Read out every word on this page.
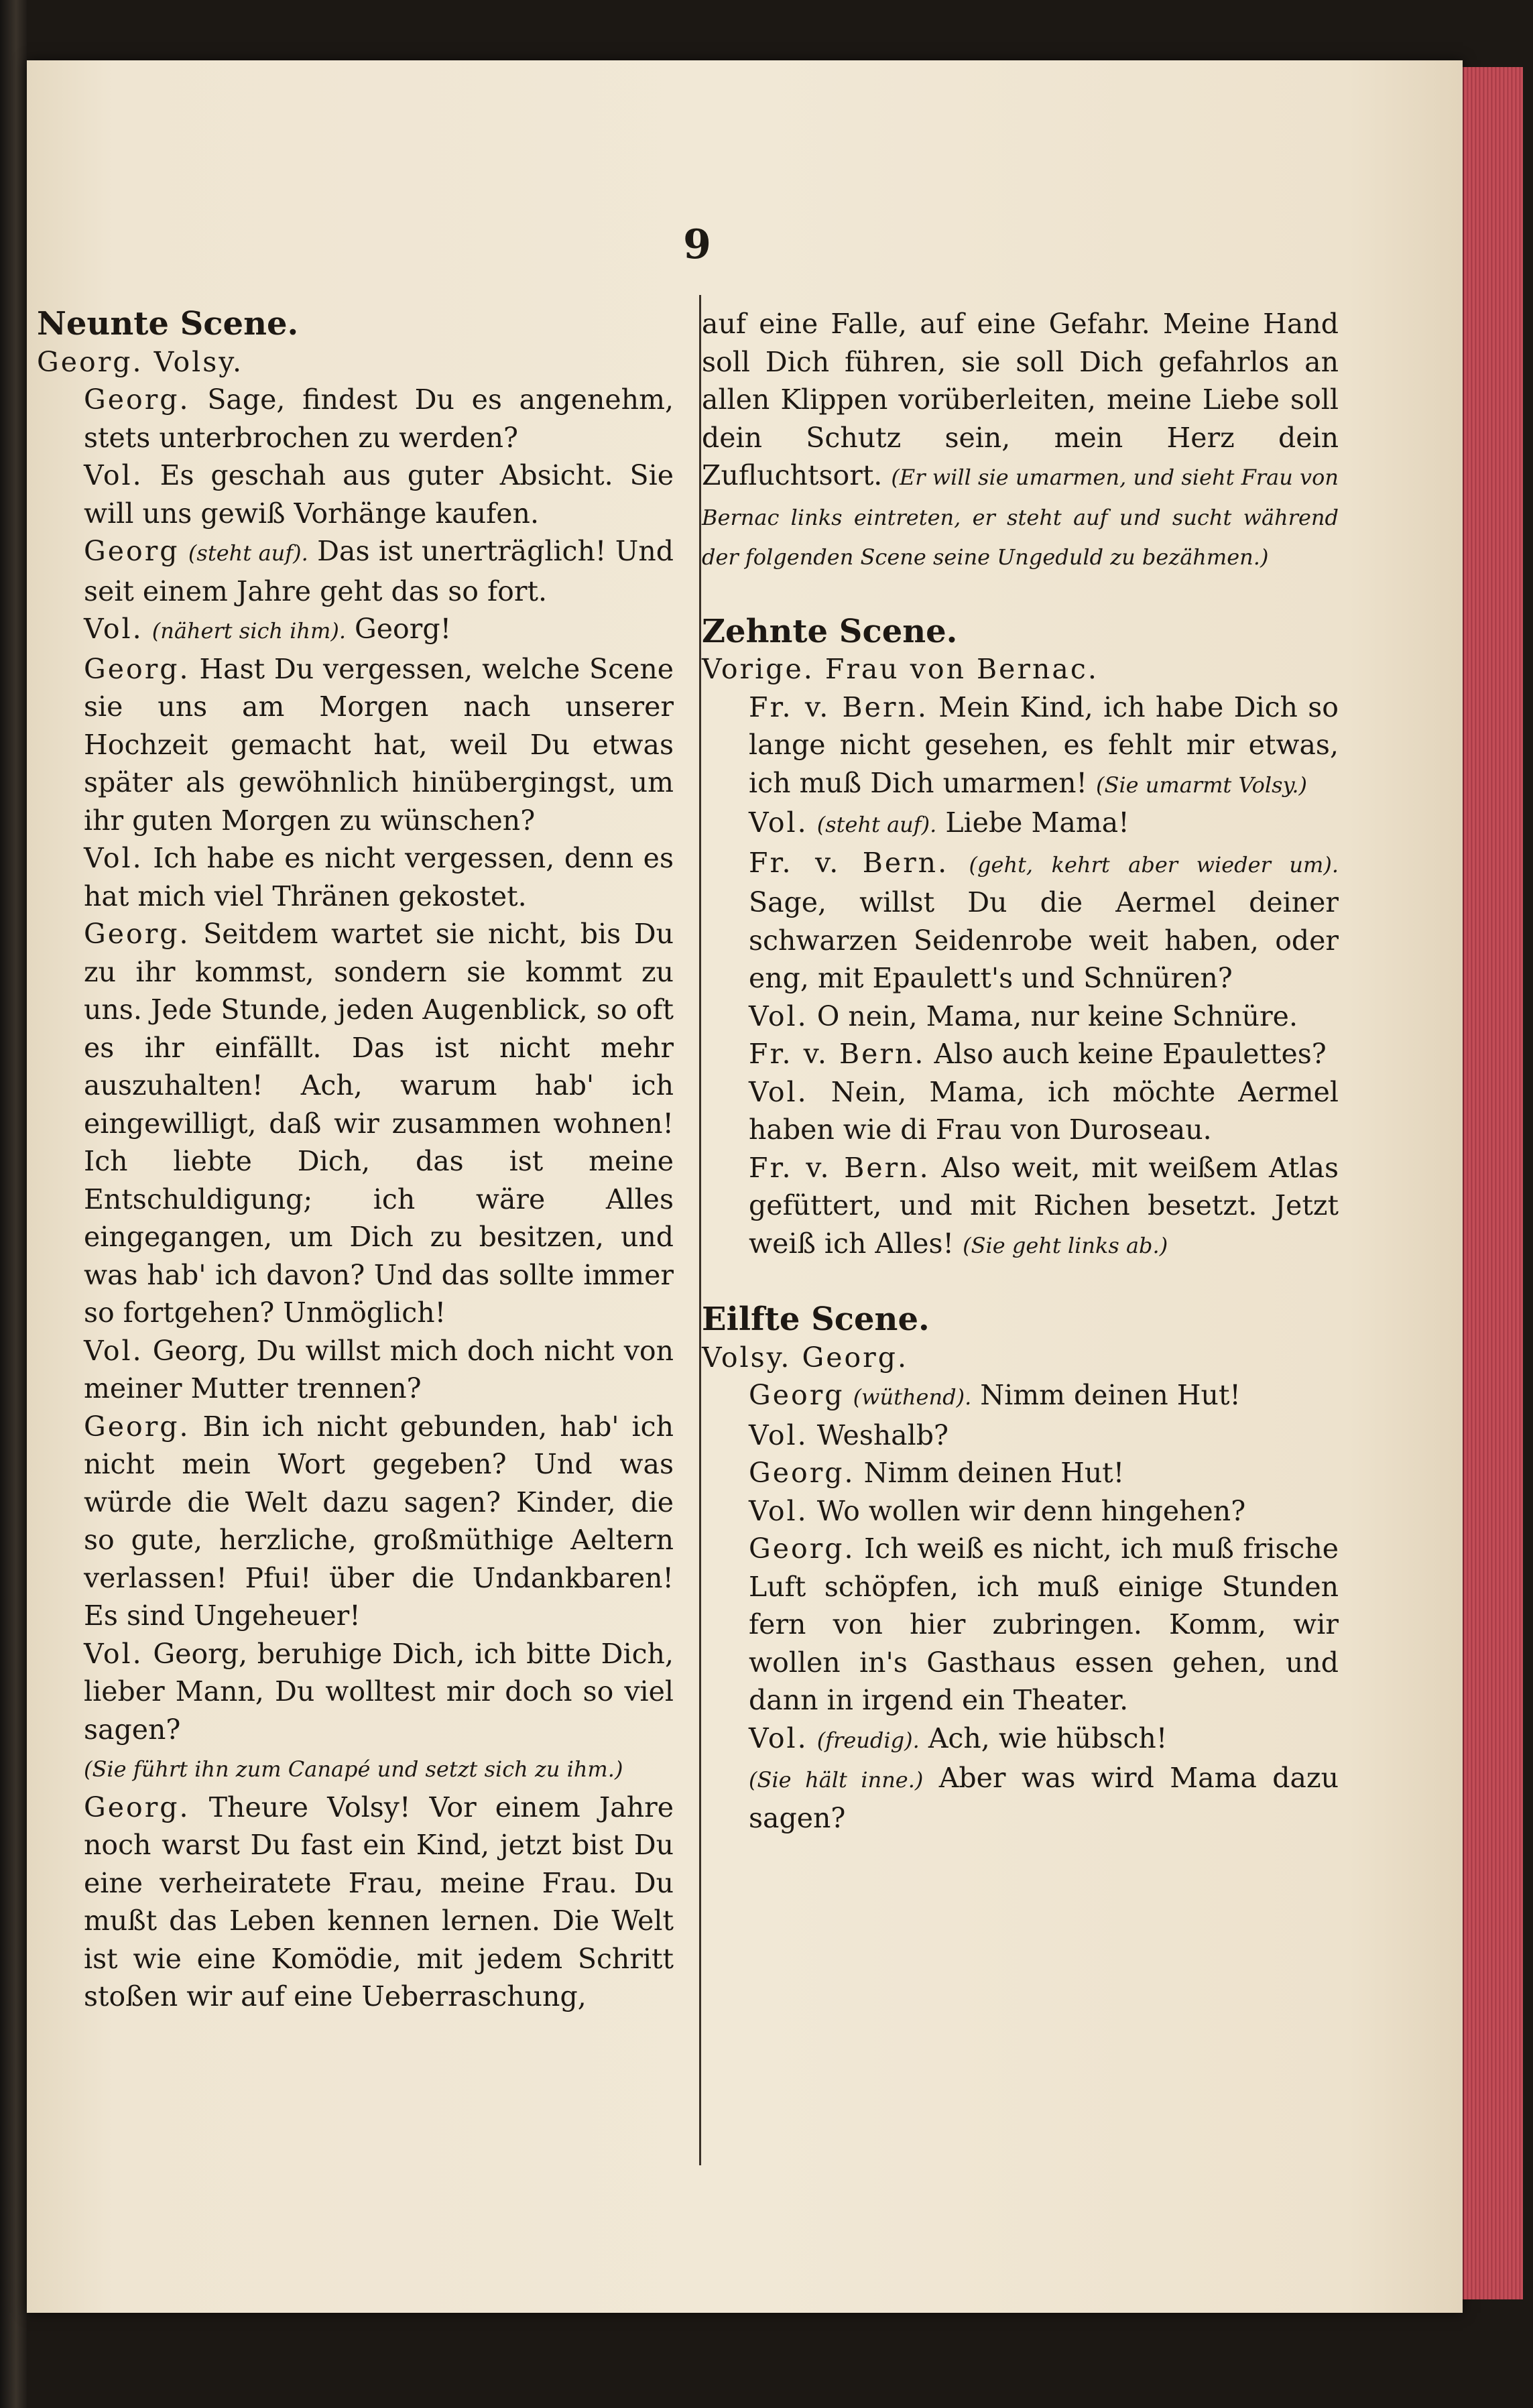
9

Neunte Scene.

Georg. Volsy.

Georg. Sage, findest Du es angenehm, stets unterbrochen zu werden?

Vol. Es geschah aus guter Absicht. Sie will uns gewiß Vorhänge kaufen.

Georg (steht auf). Das ist unerträglich! Und seit einem Jahre geht das so fort.

Vol. (nähert sich ihm). Georg!

Georg. Hast Du vergessen, welche Scene sie uns am Morgen nach unserer Hochzeit gemacht hat, weil Du etwas später als gewöhnlich hinübergingst, um ihr guten Morgen zu wünschen?

Vol. Ich habe es nicht vergessen, denn es hat mich viel Thränen gekostet.

Georg. Seitdem wartet sie nicht, bis Du zu ihr kommst, sondern sie kommt zu uns. Jede Stunde, jeden Augenblick, so oft es ihr einfällt. Das ist nicht mehr auszuhalten! Ach, warum hab' ich eingewilligt, daß wir zusammen wohnen! Ich liebte Dich, das ist meine Entschuldigung; ich wäre Alles eingegangen, um Dich zu besitzen, und was hab' ich davon? Und das sollte immer so fortgehen? Unmöglich!

Vol. Georg, Du willst mich doch nicht von meiner Mutter trennen?

Georg. Bin ich nicht gebunden, hab' ich nicht mein Wort gegeben? Und was würde die Welt dazu sagen? Kinder, die so gute, herzliche, großmüthige Aeltern verlassen! Pfui! über die Undankbaren! Es sind Ungeheuer!

Vol. Georg, beruhige Dich, ich bitte Dich, lieber Mann, Du wolltest mir doch so viel sagen?

(Sie führt ihn zum Canapé und setzt sich zu ihm.)

Georg. Theure Volsy! Vor einem Jahre noch warst Du fast ein Kind, jetzt bist Du eine verheiratete Frau, meine Frau. Du mußt das Leben kennen lernen. Die Welt ist wie eine Komödie, mit jedem Schritt stoßen wir auf eine Ueberraschung,

auf eine Falle, auf eine Gefahr. Meine Hand soll Dich führen, sie soll Dich gefahrlos an allen Klippen vorüberleiten, meine Liebe soll dein Schutz sein, mein Herz dein Zufluchtsort. (Er will sie umarmen, und sieht Frau von Bernac links eintreten, er steht auf und sucht während der folgenden Scene seine Ungeduld zu bezähmen.)

Zehnte Scene.

Vorige. Frau von Bernac.

Fr. v. Bern. Mein Kind, ich habe Dich so lange nicht gesehen, es fehlt mir etwas, ich muß Dich umarmen! (Sie umarmt Volsy.)

Vol. (steht auf). Liebe Mama!

Fr. v. Bern. (geht, kehrt aber wieder um). Sage, willst Du die Aermel deiner schwarzen Seidenrobe weit haben, oder eng, mit Epaulett's und Schnüren?

Vol. O nein, Mama, nur keine Schnüre.

Fr. v. Bern. Also auch keine Epaulettes?

Vol. Nein, Mama, ich möchte Aermel haben wie di Frau von Duroseau.

Fr. v. Bern. Also weit, mit weißem Atlas gefüttert, und mit Richen besetzt. Jetzt weiß ich Alles! (Sie geht links ab.)

Eilfte Scene.

Volsy. Georg.

Georg (wüthend). Nimm deinen Hut!

Vol. Weshalb?

Georg. Nimm deinen Hut!

Vol. Wo wollen wir denn hingehen?

Georg. Ich weiß es nicht, ich muß frische Luft schöpfen, ich muß einige Stunden fern von hier zubringen. Komm, wir wollen in's Gasthaus essen gehen, und dann in irgend ein Theater.

Vol. (freudig). Ach, wie hübsch!

(Sie hält inne.) Aber was wird Mama dazu sagen?
